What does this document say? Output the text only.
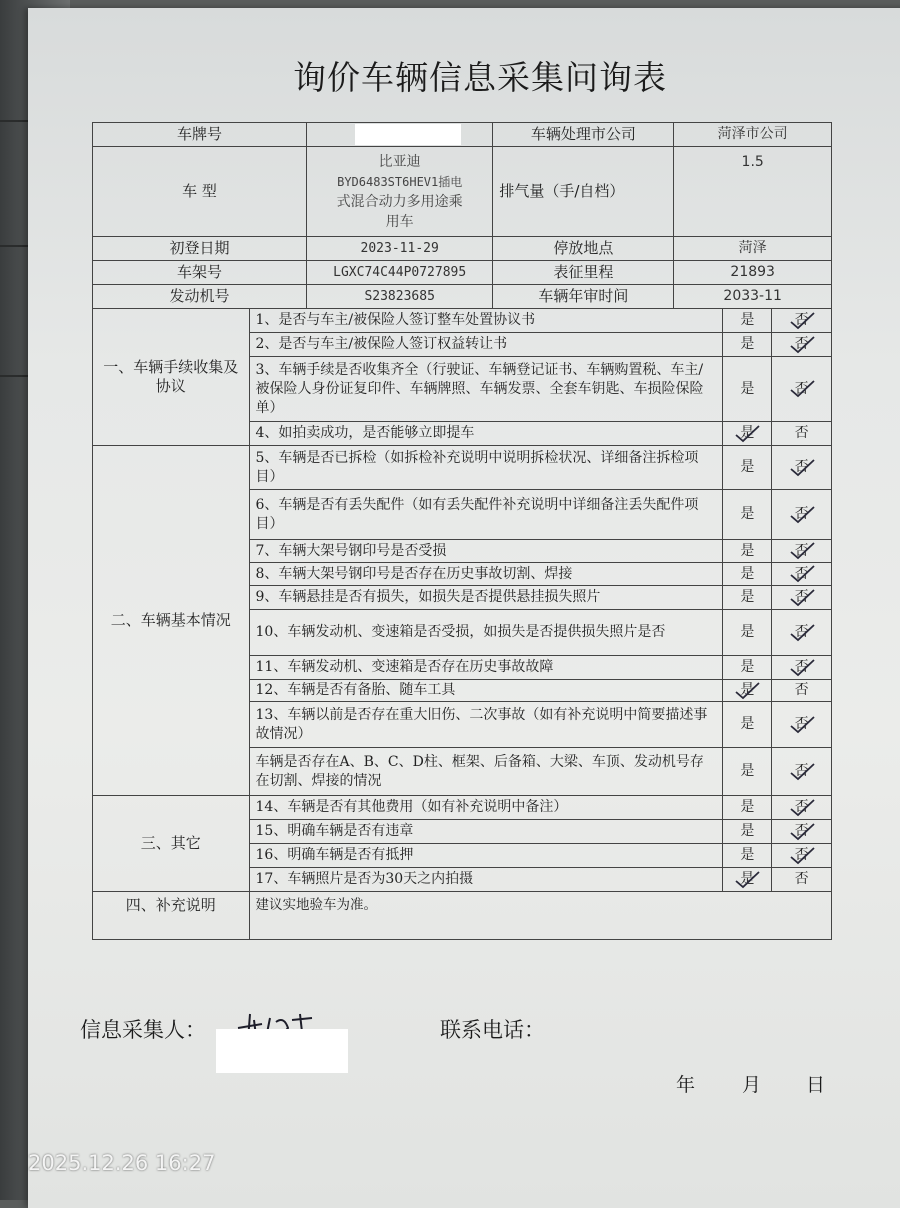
询价车辆信息采集问询表
车牌号			车辆处理市公司	菏泽市公司		
车 型		比亚迪
BYD6483ST6HEV1插电
式混合动力多用途乘
用车	排气量（手/自档）	1.5		
初登日期		2023-11-29	停放地点	菏泽		
车架号		LGXC74C44P0727895	表征里程	21893		
发动机号		S23823685	车辆年审时间	2033-11		
一、车辆手续收集及协议	1、是否与车主/被保险人签订整车处置协议书				是	否

	2、是否与车主/被保险人签订权益转让书				是	否

	3、车辆手续是否收集齐全（行驶证、车辆登记证书、车辆购置税、车主/被保险人身份证复印件、车辆牌照、车辆发票、全套车钥匙、车损险保险单）				是	否

	4、如拍卖成功，是否能够立即提车				是	否
二、车辆基本情况	5、车辆是否已拆检（如拆检补充说明中说明拆检状况、详细备注拆检项目）				是	否

	6、车辆是否有丢失配件（如有丢失配件补充说明中详细备注丢失配件项目）				是	否

	7、车辆大架号钢印号是否受损				是	否

	8、车辆大架号钢印号是否存在历史事故切割、焊接				是	否

	9、车辆悬挂是否有损失，如损失是否提供悬挂损失照片				是	否

	10、车辆发动机、变速箱是否受损，如损失是否提供损失照片是否				是	否

	11、车辆发动机、变速箱是否存在历史事故故障				是	否

	12、车辆是否有备胎、随车工具				是	否
	13、车辆以前是否存在重大旧伤、二次事故（如有补充说明中简要描述事故情况）				是	否

	车辆是否存在A、B、C、D柱、框架、后备箱、大梁、车顶、发动机号存在切割、焊接的情况				是	否

三、其它	14、车辆是否有其他费用（如有补充说明中备注）				是	否

	15、明确车辆是否有违章				是	否

	16、明确车辆是否有抵押				是	否

	17、车辆照片是否为30天之内拍摄				是	否
四、补充说明	建议实地验车为准。					
信息采集人：	联系电话：
年 月 日
2025.12.26 16:27
